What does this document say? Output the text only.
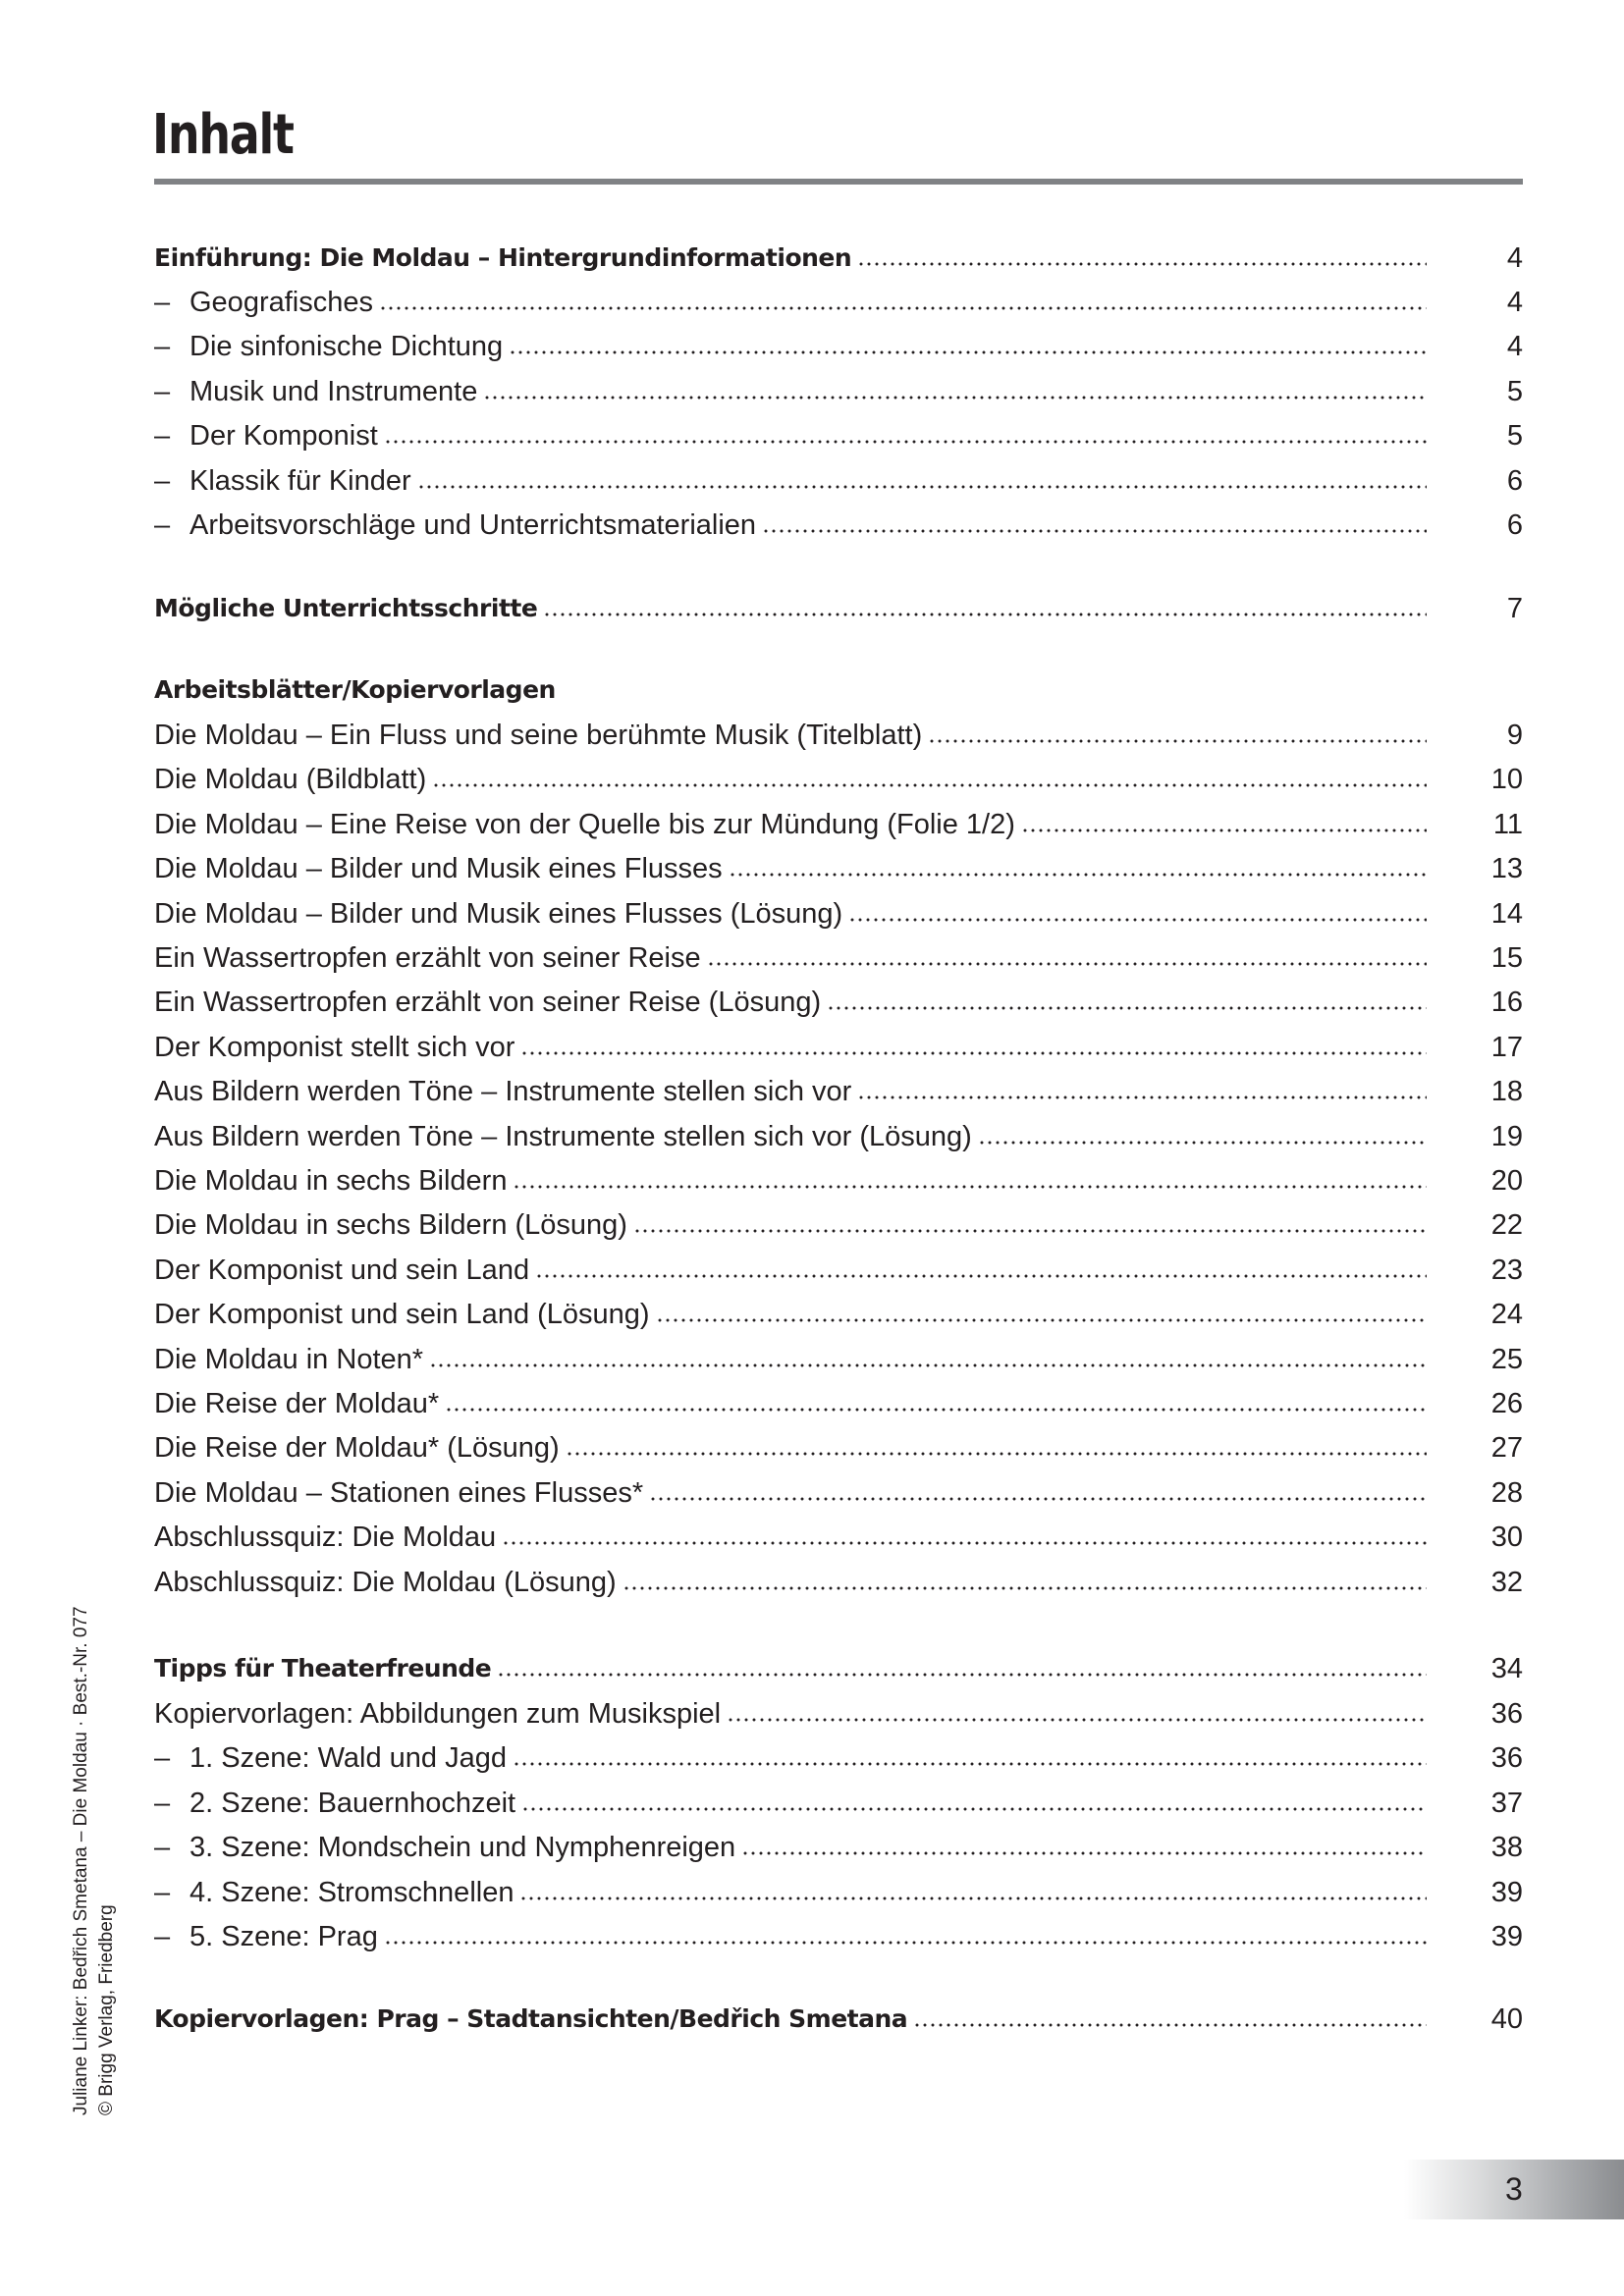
Inhalt
Einführung: Die Moldau – Hintergrundinformationen	4
– Geografisches	4
– Die sinfonische Dichtung	4
– Musik und Instrumente	5
– Der Komponist	5
– Klassik für Kinder	6
– Arbeitsvorschläge und Unterrichtsmaterialien	6
Mögliche Unterrichtsschritte	7
Arbeitsblätter/Kopiervorlagen
Die Moldau – Ein Fluss und seine berühmte Musik (Titelblatt)	9
Die Moldau (Bildblatt)	10
Die Moldau – Eine Reise von der Quelle bis zur Mündung (Folie 1/2)	11
Die Moldau – Bilder und Musik eines Flusses	13
Die Moldau – Bilder und Musik eines Flusses (Lösung)	14
Ein Wassertropfen erzählt von seiner Reise	15
Ein Wassertropfen erzählt von seiner Reise (Lösung)	16
Der Komponist stellt sich vor	17
Aus Bildern werden Töne – Instrumente stellen sich vor	18
Aus Bildern werden Töne – Instrumente stellen sich vor (Lösung)	19
Die Moldau in sechs Bildern	20
Die Moldau in sechs Bildern (Lösung)	22
Der Komponist und sein Land	23
Der Komponist und sein Land (Lösung)	24
Die Moldau in Noten*	25
Die Reise der Moldau*	26
Die Reise der Moldau* (Lösung)	27
Die Moldau – Stationen eines Flusses*	28
Abschlussquiz: Die Moldau	30
Abschlussquiz: Die Moldau (Lösung)	32
Tipps für Theaterfreunde	34
Kopiervorlagen: Abbildungen zum Musikspiel	36
– 1. Szene: Wald und Jagd	36
– 2. Szene: Bauernhochzeit	37
– 3. Szene: Mondschein und Nymphenreigen	38
– 4. Szene: Stromschnellen	39
– 5. Szene: Prag	39
Kopiervorlagen: Prag – Stadtansichten/Bedřich Smetana	40
Juliane Linker: Bedřich Smetana – Die Moldau · Best.-Nr. 077 © Brigg Verlag, Friedberg
3
